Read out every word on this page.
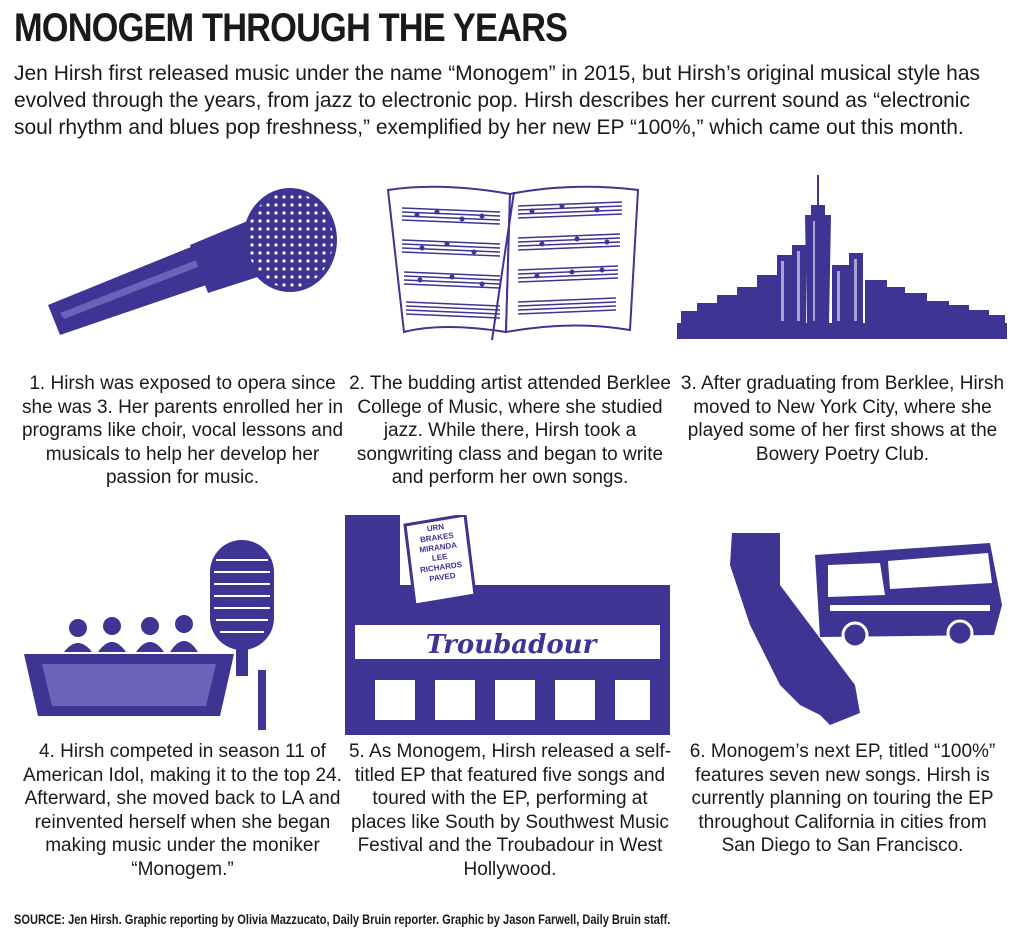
MONOGEM THROUGH THE YEARS

Jen Hirsh first released music under the name “Monogem” in 2015, but Hirsh’s original musical style has evolved through the years, from jazz to electronic pop. Hirsh describes her current sound as “electronic soul rhythm and blues pop freshness,” exemplified by her new EP “100%,” which came out this month.

1. Hirsh was exposed to opera since she was 3. Her parents enrolled her in programs like choir, vocal lessons and musicals to help her develop her passion for music.

2. The budding artist attended Berklee College of Music, where she studied jazz. While there, Hirsh took a songwriting class and began to write and perform her own songs.

3. After graduating from Berklee, Hirsh moved to New York City, where she played some of her first shows at the Bowery Poetry Club.

4. Hirsh competed in season 11 of American Idol, making it to the top 24. Afterward, she moved back to LA and reinvented herself when she began making music under the moniker “Monogem.”

Troubadour
URN BRAKES MIRANDA LEE RICHARDS PAVED

5. As Monogem, Hirsh released a self-titled EP that featured five songs and toured with the EP, performing at places like South by Southwest Music Festival and the Troubadour in West Hollywood.

6. Monogem’s next EP, titled “100%” features seven new songs. Hirsh is currently planning on touring the EP throughout California in cities from San Diego to San Francisco.

SOURCE: Jen Hirsh. Graphic reporting by Olivia Mazzucato, Daily Bruin reporter. Graphic by Jason Farwell, Daily Bruin staff.
